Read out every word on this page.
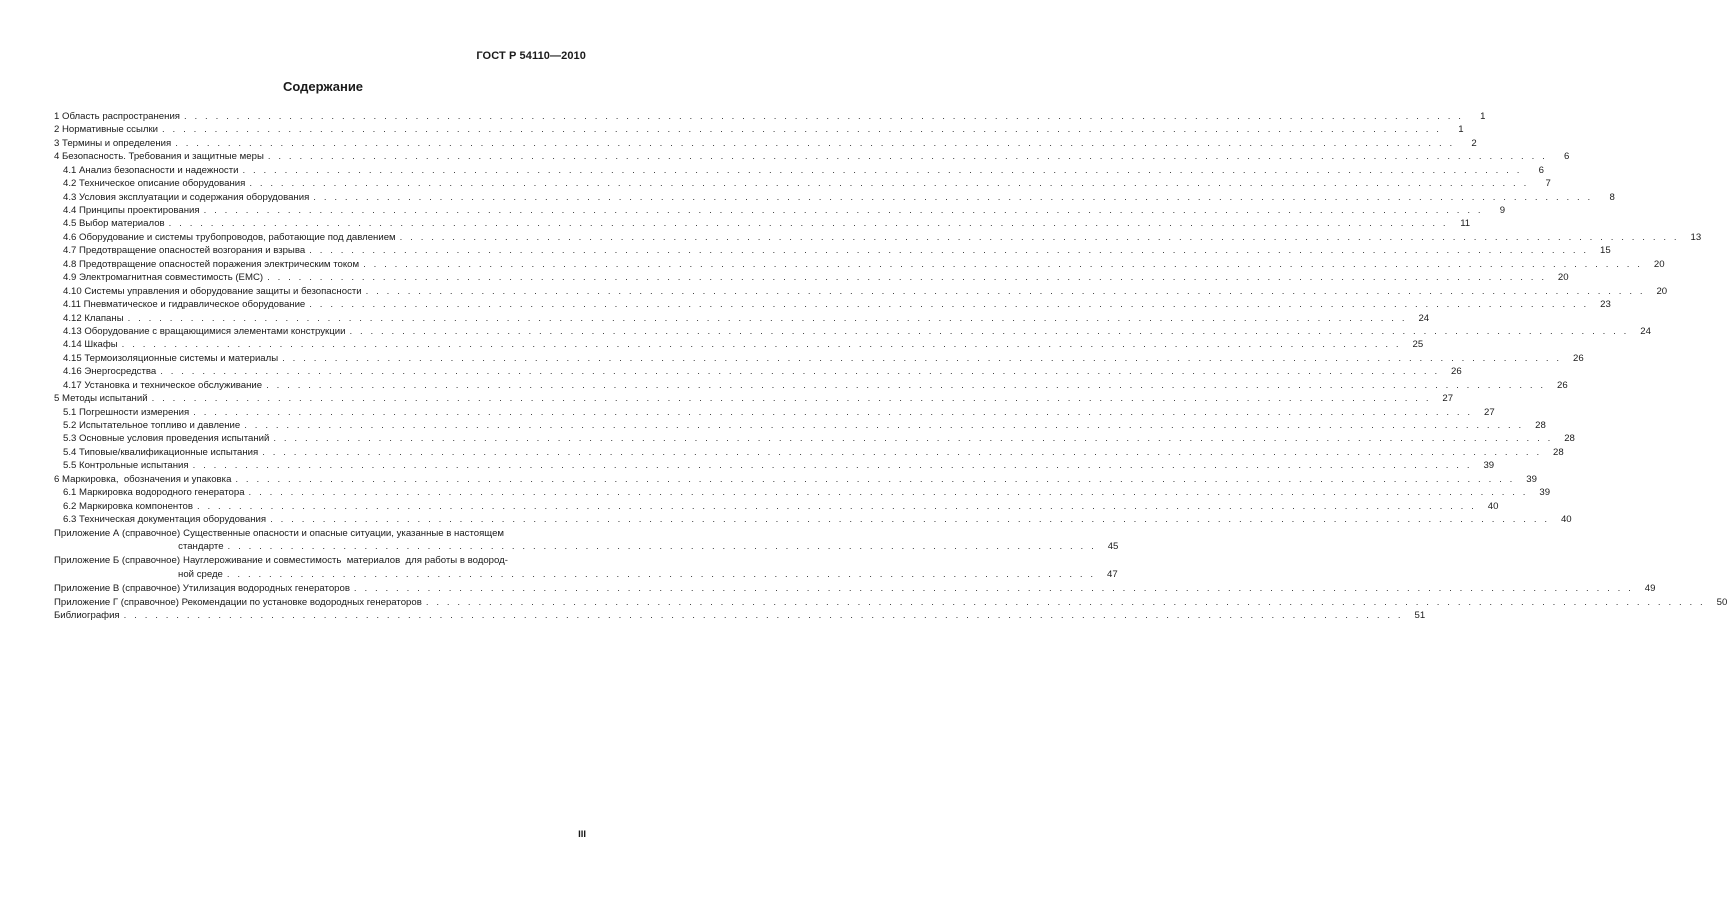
ГОСТ Р 54110—2010
Содержание
1 Область распространения . . .	1
2 Нормативные ссылки . . .	1
3 Термины и определения . . .	2
4 Безопасность. Требования и защитные меры . . .	6
4.1 Анализ безопасности и надежности . . .	6
4.2 Техническое описание оборудования . . .	7
4.3 Условия эксплуатации и содержания оборудования . . .	8
4.4 Принципы проектирования . . .	9
4.5 Выбор материалов . . .	11
4.6 Оборудование и системы трубопроводов, работающие под давлением . . .	13
4.7 Предотвращение опасностей возгорания и взрыва . . .	15
4.8 Предотвращение опасностей поражения электрическим током . . .	20
4.9 Электромагнитная совместимость (ЕМС) . . .	20
4.10 Системы управления и оборудование защиты и безопасности . . .	20
4.11 Пневматическое и гидравлическое оборудование . . .	23
4.12 Клапаны . . .	24
4.13 Оборудование с вращающимися элементами конструкции . . .	24
4.14 Шкафы . . .	25
4.15 Термоизоляционные системы и материалы . . .	26
4.16 Энергосредства . . .	26
4.17 Установка и техническое обслуживание . . .	26
5 Методы испытаний . . .	27
5.1 Погрешности измерения . . .	27
5.2 Испытательное топливо и давление . . .	28
5.3 Основные условия проведения испытаний . . .	28
5.4 Типовые/квалификационные испытания . . .	28
5.5 Контрольные испытания . . .	39
6 Маркировка,  обозначения и упаковка . . .	39
6.1 Маркировка водородного генератора . . .	39
6.2 Маркировка компонентов . . .	40
6.3 Техническая документация оборудования . . .	40
Приложение А (справочное) Существенные опасности и опасные ситуации, указанные в настоящем
стандарте . . .	45
Приложение Б (справочное) Науглероживание и совместимость  материалов  для работы в водород-
ной среде . . .	47
Приложение В (справочное) Утилизация водородных генераторов . . .	49
Приложение Г (справочное) Рекомендации по установке водородных генераторов . . .	50
Библиография . . .	51
III
